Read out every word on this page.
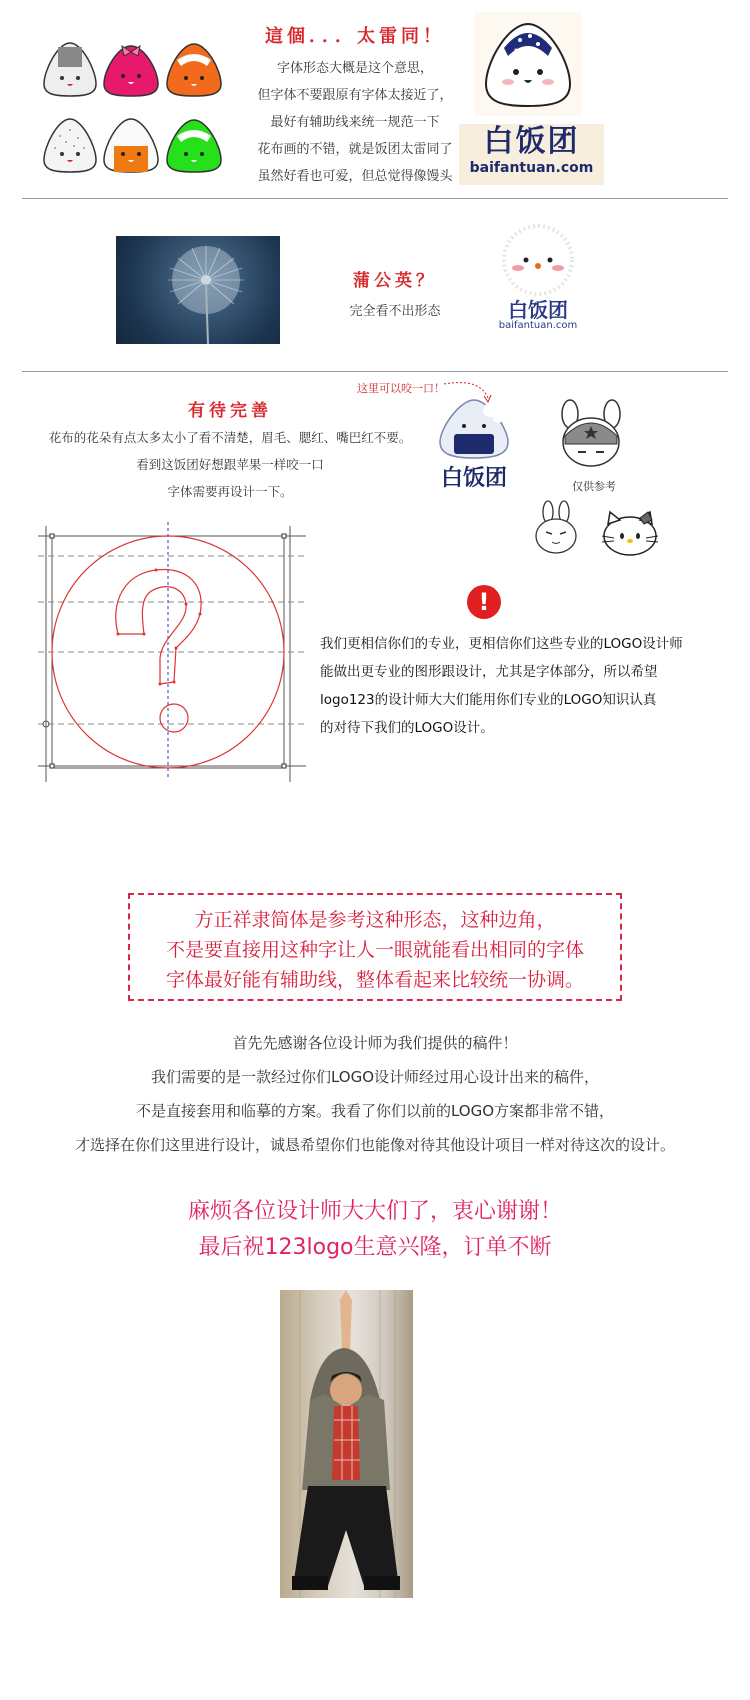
這個．．．太雷同！
字体形态大概是这个意思，
但字体不要跟原有字体太接近了，
最好有辅助线来统一规范一下
花布画的不错，就是饭团太雷同了
虽然好看也可爱，但总觉得像馒头
白饭团
baifantuan.com
蒲公英？
完全看不出形态	白饭团
baifantuan.com
有待完善
花布的花朵有点太多太小了看不清楚，眉毛、腮红、嘴巴红不要。
看到这饭团好想跟苹果一样咬一口
字体需要再设计一下。
这里可以咬一口！
白饭团	仅供参考
!
我们更相信你们的专业，更相信你们这些专业的LOGO设计师
能做出更专业的图形跟设计，尤其是字体部分，所以希望
logo123的设计师大大们能用你们专业的LOGO知识认真
的对待下我们的LOGO设计。
方正祥隶简体是参考这种形态，这种边角，
不是要直接用这种字让人一眼就能看出相同的字体
字体最好能有辅助线，整体看起来比较统一协调。
首先先感谢各位设计师为我们提供的稿件！
我们需要的是一款经过你们LOGO设计师经过用心设计出来的稿件，
不是直接套用和临摹的方案。我看了你们以前的LOGO方案都非常不错，
才选择在你们这里进行设计，诚恳希望你们也能像对待其他设计项目一样对待这次的设计。
麻烦各位设计师大大们了，衷心谢谢！
最后祝123logo生意兴隆，订单不断
